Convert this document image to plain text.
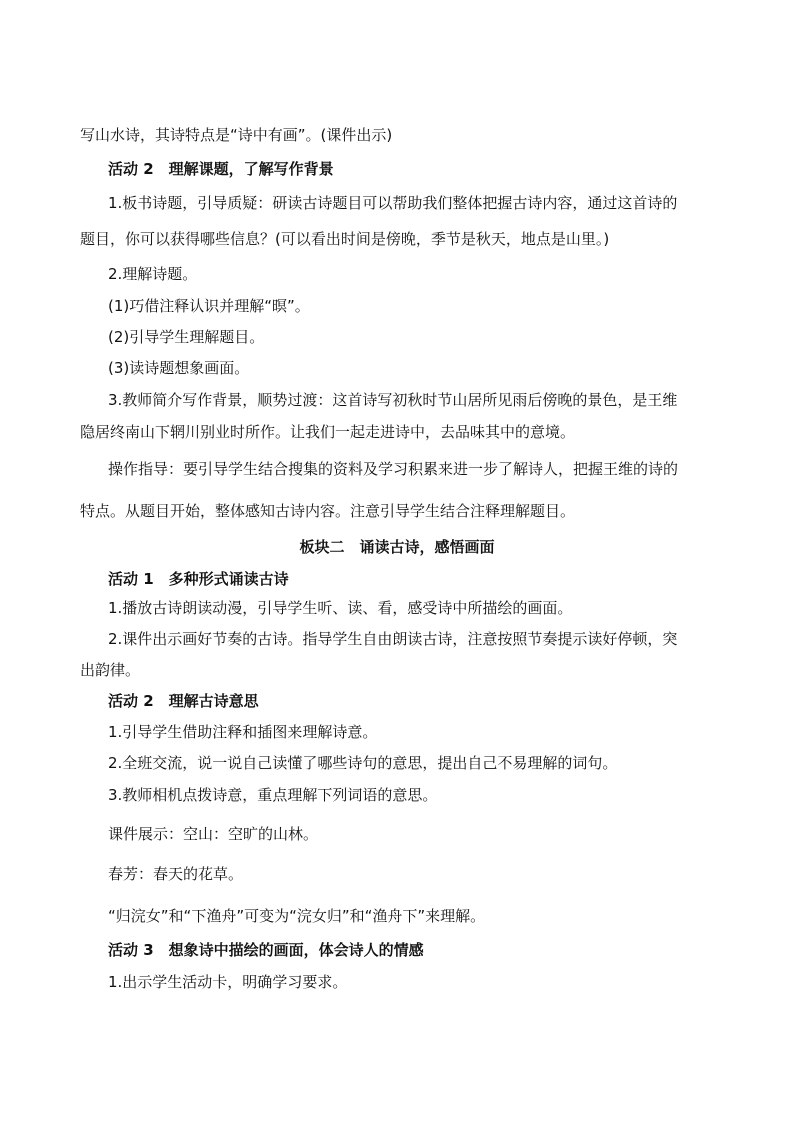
写山水诗，其诗特点是“诗中有画”。(课件出示)
活动 2　理解课题，了解写作背景
1.板书诗题，引导质疑：研读古诗题目可以帮助我们整体把握古诗内容，通过这首诗的
题目，你可以获得哪些信息？(可以看出时间是傍晚，季节是秋天，地点是山里。)
2.理解诗题。
(1)巧借注释认识并理解“暝”。
(2)引导学生理解题目。
(3)读诗题想象画面。
3.教师简介写作背景，顺势过渡：这首诗写初秋时节山居所见雨后傍晚的景色，是王维
隐居终南山下辋川别业时所作。让我们一起走进诗中，去品味其中的意境。
操作指导：要引导学生结合搜集的资料及学习积累来进一步了解诗人，把握王维的诗的
特点。从题目开始，整体感知古诗内容。注意引导学生结合注释理解题目。
板块二　诵读古诗，感悟画面
活动 1　多种形式诵读古诗
1.播放古诗朗读动漫，引导学生听、读、看，感受诗中所描绘的画面。
2.课件出示画好节奏的古诗。指导学生自由朗读古诗，注意按照节奏提示读好停顿，突
出韵律。
活动 2　理解古诗意思
1.引导学生借助注释和插图来理解诗意。
2.全班交流，说一说自己读懂了哪些诗句的意思，提出自己不易理解的词句。
3.教师相机点拨诗意，重点理解下列词语的意思。
课件展示：空山：空旷的山林。
春芳：春天的花草。
“归浣女”和“下渔舟”可变为“浣女归”和“渔舟下”来理解。
活动 3　想象诗中描绘的画面，体会诗人的情感
1.出示学生活动卡，明确学习要求。
